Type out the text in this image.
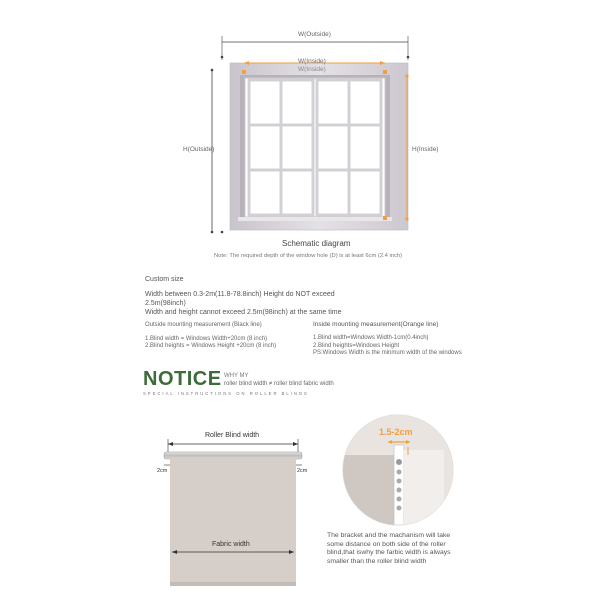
W(Outside)
W(Inside)
W(Inside)
H(Outside)	H(Inside)
Schematic diagram
Note: The required depth of the window hole (D) is at least 6cm (2.4 inch)
Custom size
Width between 0.3-2m(11.8-78.8inch) Height do NOT exceed
2.5m(98inch)
Width and height cannot exceed 2.5m(98inch) at the same time
Outside mounting measurement (Black line)
1.Blind width = Windows Width+20cm (8 inch)
2.Blind heights = Windows Height +20cm (8 inch)
Inside mounting measurement(Orange line)
1.Blind width=Windows Width-1cm(0.4inch)
2.Blind heights=Windows Height
PS:Windows Width is the minmum width of the windows
NOTICE WHY MY
roller blind width ≠ roller blind fabric width
SPECIAL INSTRUCTIONS ON ROLLER BLINDS
Roller Blind width
2cm	2cm
Fabric width
1.5-2cm
The bracket and the machanism will take some distance on both side of the roller blind,that iswhy the farbic width is always smaller than the roller blind width
